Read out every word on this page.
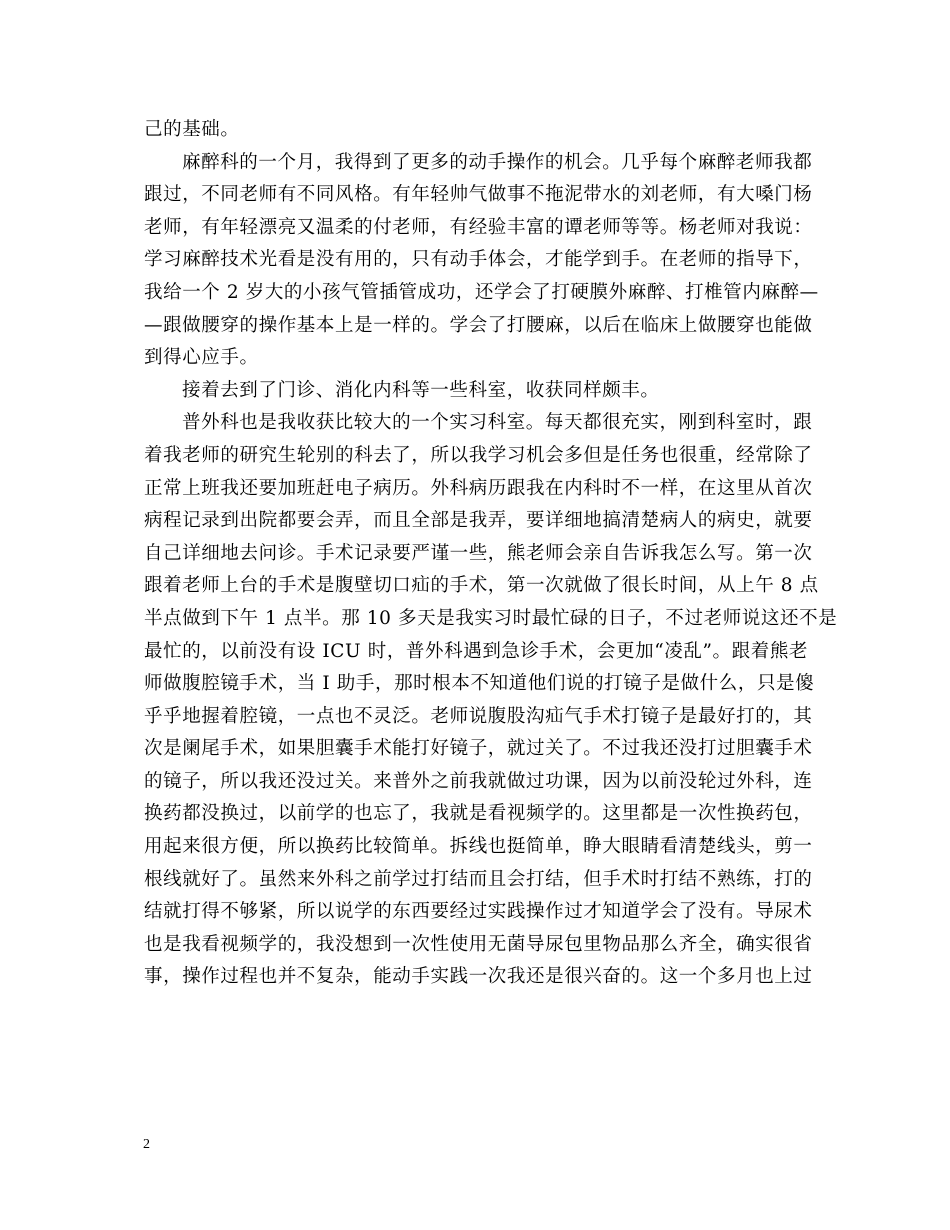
己的基础。
麻醉科的一个月，我得到了更多的动手操作的机会。几乎每个麻醉老师我都
跟过，不同老师有不同风格。有年轻帅气做事不拖泥带水的刘老师，有大嗓门杨
老师，有年轻漂亮又温柔的付老师，有经验丰富的谭老师等等。杨老师对我说：
学习麻醉技术光看是没有用的，只有动手体会，才能学到手。在老师的指导下，
我给一个 2 岁大的小孩气管插管成功，还学会了打硬膜外麻醉、打椎管内麻醉—
—跟做腰穿的操作基本上是一样的。学会了打腰麻，以后在临床上做腰穿也能做
到得心应手。
接着去到了门诊、消化内科等一些科室，收获同样颇丰。
普外科也是我收获比较大的一个实习科室。每天都很充实，刚到科室时，跟
着我老师的研究生轮别的科去了，所以我学习机会多但是任务也很重，经常除了
正常上班我还要加班赶电子病历。外科病历跟我在内科时不一样，在这里从首次
病程记录到出院都要会弄，而且全部是我弄，要详细地搞清楚病人的病史，就要
自己详细地去问诊。手术记录要严谨一些，熊老师会亲自告诉我怎么写。第一次
跟着老师上台的手术是腹壁切口疝的手术，第一次就做了很长时间，从上午 8 点
半点做到下午 1 点半。那 10 多天是我实习时最忙碌的日子，不过老师说这还不是
最忙的，以前没有设 ICU 时，普外科遇到急诊手术，会更加“凌乱”。跟着熊老
师做腹腔镜手术，当 I 助手，那时根本不知道他们说的打镜子是做什么，只是傻
乎乎地握着腔镜，一点也不灵泛。老师说腹股沟疝气手术打镜子是最好打的，其
次是阑尾手术，如果胆囊手术能打好镜子，就过关了。不过我还没打过胆囊手术
的镜子，所以我还没过关。来普外之前我就做过功课，因为以前没轮过外科，连
换药都没换过，以前学的也忘了，我就是看视频学的。这里都是一次性换药包，
用起来很方便，所以换药比较简单。拆线也挺简单，睁大眼睛看清楚线头，剪一
根线就好了。虽然来外科之前学过打结而且会打结，但手术时打结不熟练，打的
结就打得不够紧，所以说学的东西要经过实践操作过才知道学会了没有。导尿术
也是我看视频学的，我没想到一次性使用无菌导尿包里物品那么齐全，确实很省
事，操作过程也并不复杂，能动手实践一次我还是很兴奋的。这一个多月也上过
2
